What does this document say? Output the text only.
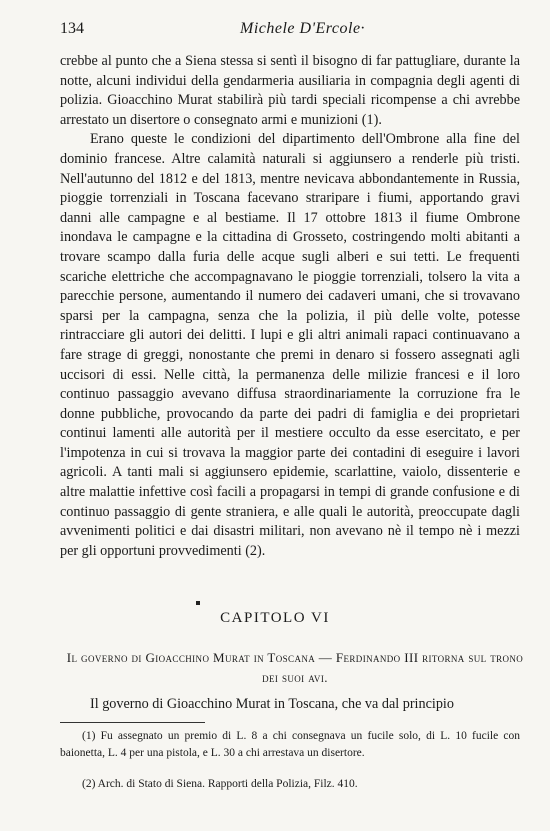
134	Michele D'Ercole·

crebbe al punto che a Siena stessa si sentì il bisogno di far pattugliare, durante la notte, alcuni individui della gendarmeria ausiliaria in compagnia degli agenti di polizia. Gioacchino Murat stabilirà più tardi speciali ricompense a chi avrebbe arrestato un disertore o consegnato armi e munizioni (1).

Erano queste le condizioni del dipartimento dell'Ombrone alla fine del dominio francese. Altre calamità naturali si aggiunsero a renderle più tristi. Nell'autunno del 1812 e del 1813, mentre nevicava abbondantemente in Russia, pioggie torrenziali in Toscana facevano straripare i fiumi, apportando gravi danni alle campagne e al bestiame. Il 17 ottobre 1813 il fiume Ombrone inondava le campagne e la cittadina di Grosseto, costringendo molti abitanti a trovare scampo dalla furia delle acque sugli alberi e sui tetti. Le frequenti scariche elettriche che accompagnavano le pioggie torrenziali, tolsero la vita a parecchie persone, aumentando il numero dei cadaveri umani, che si trovavano sparsi per la campagna, senza che la polizia, il più delle volte, potesse rintracciare gli autori dei delitti. I lupi e gli altri animali rapaci continuavano a fare strage di greggi, nonostante che premi in denaro si fossero assegnati agli uccisori di essi. Nelle città, la permanenza delle milizie francesi e il loro continuo passaggio avevano diffusa straordinariamente la corruzione fra le donne pubbliche, provocando da parte dei padri di famiglia e dei proprietari continui lamenti alle autorità per il mestiere occulto da esse esercitato, e per l'impotenza in cui si trovava la maggior parte dei contadini di eseguire i lavori agricoli. A tanti mali si aggiunsero epidemie, scarlattine, vaiolo, dissenterie e altre malattie infettive così facili a propagarsi in tempi di grande confusione e di continuo passaggio di gente straniera, e alle quali le autorità, preoccupate dagli avvenimenti politici e dai disastri militari, non avevano nè il tempo nè i mezzi per gli opportuni provvedimenti (2).

CAPITOLO VI
Il governo di Gioacchino Murat in Toscana — Ferdinando III ritorna sul trono dei suoi avi.
Il governo di Gioacchino Murat in Toscana, che va dal principio
(1) Fu assegnato un premio di L. 8 a chi consegnava un fucile solo, di L. 10 fucile con baionetta, L. 4 per una pistola, e L. 30 a chi arrestava un disertore.
(2) Arch. di Stato di Siena. Rapporti della Polizia, Filz. 410.
